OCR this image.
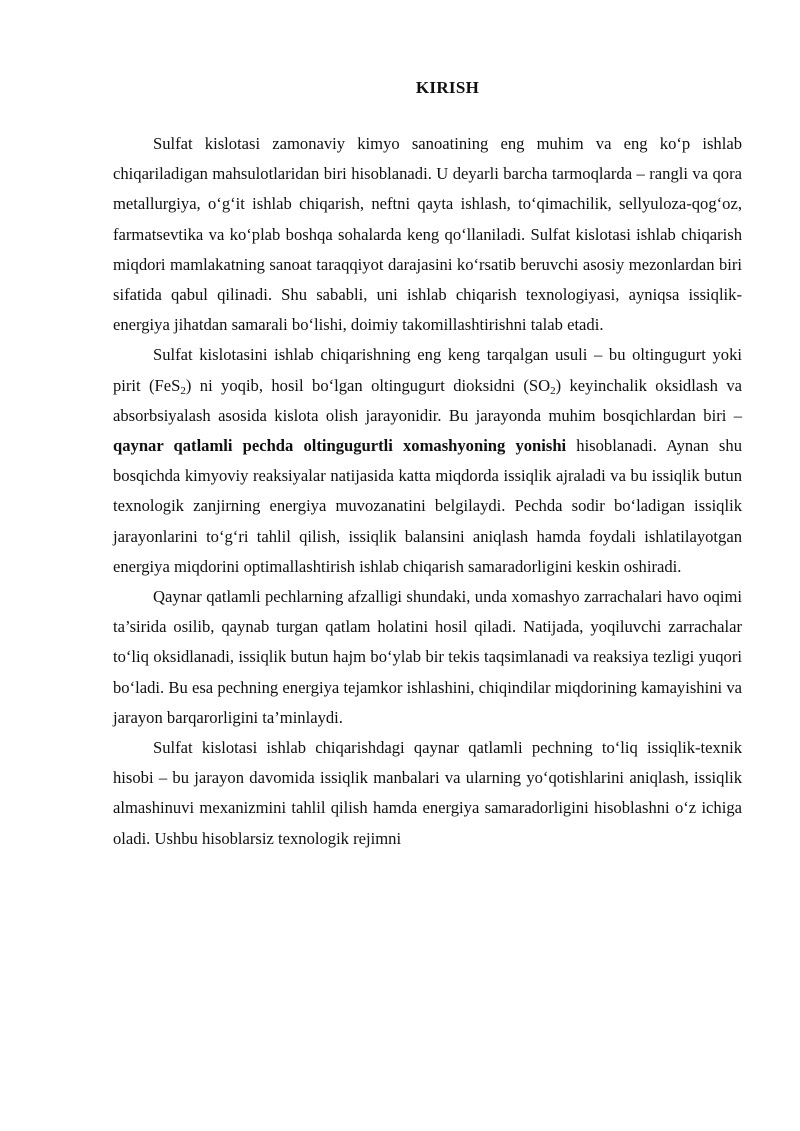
KIRISH

Sulfat kislotasi zamonaviy kimyo sanoatining eng muhim va eng ko‘p ishlab chiqariladigan mahsulotlaridan biri hisoblanadi. U deyarli barcha tarmoqlarda – rangli va qora metallurgiya, o‘g‘it ishlab chiqarish, neftni qayta ishlash, to‘qimachilik, sellyuloza-qog‘oz, farmatsevtika va ko‘plab boshqa sohalarda keng qo‘llaniladi. Sulfat kislotasi ishlab chiqarish miqdori mamlakatning sanoat taraqqiyot darajasini ko‘rsatib beruvchi asosiy mezonlardan biri sifatida qabul qilinadi. Shu sababli, uni ishlab chiqarish texnologiyasi, ayniqsa issiqlik-energiya jihatdan samarali bo‘lishi, doimiy takomillashtirishni talab etadi.

Sulfat kislotasini ishlab chiqarishning eng keng tarqalgan usuli – bu oltingugurt yoki pirit (FeS$_2$) ni yoqib, hosil bo‘lgan oltingugurt dioksidni $(SO_2)$ keyinchalik oksidlash va absorbsiyalash asosida kislota olish jarayonidir. Bu jarayonda muhim bosqichlardan biri – qaynar qatlamli pechda oltingugurtli xomashyoning yonishi hisoblanadi. Aynan shu bosqichda kimyoviy reaksiyalar natijasida katta miqdorda issiqlik ajraladi va bu issiqlik butun texnologik zanjirning energiya muvozanatini belgilaydi. Pechda sodir bo‘ladigan issiqlik jarayonlarini to‘g‘ri tahlil qilish, issiqlik balansini aniqlash hamda foydali ishlatilayotgan energiya miqdorini optimallashtirish ishlab chiqarish samaradorligini keskin oshiradi.

Qaynar qatlamli pechlarning afzalligi shundaki, unda xomashyo zarrachalari havo oqimi ta’sirida osilib, qaynab turgan qatlam holatini hosil qiladi. Natijada, yoqiluvchi zarrachalar to‘liq oksidlanadi, issiqlik butun hajm bo‘ylab bir tekis taqsimlanadi va reaksiya tezligi yuqori bo‘ladi. Bu esa pechning energiya tejamkor ishlashini, chiqindilar miqdorining kamayishini va jarayon barqarorligini ta’minlaydi.

Sulfat kislotasi ishlab chiqarishdagi qaynar qatlamli pechning to‘liq issiqlik-texnik hisobi – bu jarayon davomida issiqlik manbalari va ularning yo‘qotishlarini aniqlash, issiqlik almashinuvi mexanizmini tahlil qilish hamda energiya samaradorligini hisoblashni o‘z ichiga oladi. Ushbu hisoblarsiz texnologik rejimni
